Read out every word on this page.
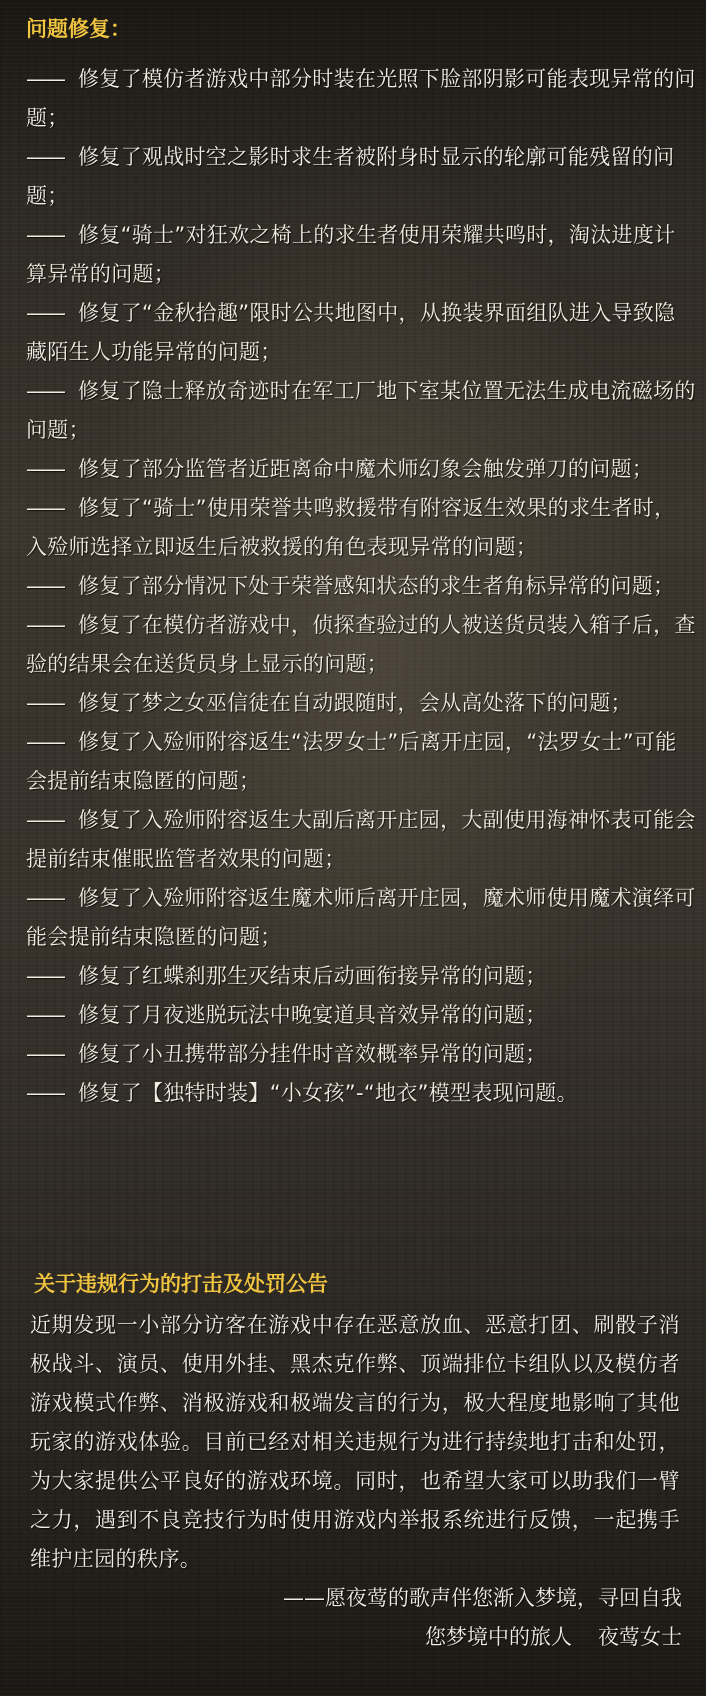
问题修复：
—— 修复了模仿者游戏中部分时装在光照下脸部阴影可能表现异常的问题；
—— 修复了观战时空之影时求生者被附身时显示的轮廓可能残留的问题；
—— 修复“骑士”对狂欢之椅上的求生者使用荣耀共鸣时，淘汰进度计算异常的问题；
—— 修复了“金秋拾趣”限时公共地图中，从换装界面组队进入导致隐藏陌生人功能异常的问题；
—— 修复了隐士释放奇迹时在军工厂地下室某位置无法生成电流磁场的问题；
—— 修复了部分监管者近距离命中魔术师幻象会触发弹刀的问题；
—— 修复了“骑士”使用荣誉共鸣救援带有附容返生效果的求生者时，入殓师选择立即返生后被救援的角色表现异常的问题；
—— 修复了部分情况下处于荣誉感知状态的求生者角标异常的问题；
—— 修复了在模仿者游戏中，侦探查验过的人被送货员装入箱子后，查验的结果会在送货员身上显示的问题；
—— 修复了梦之女巫信徒在自动跟随时，会从高处落下的问题；
—— 修复了入殓师附容返生“法罗女士”后离开庄园，“法罗女士”可能会提前结束隐匿的问题；
—— 修复了入殓师附容返生大副后离开庄园，大副使用海神怀表可能会提前结束催眠监管者效果的问题；
—— 修复了入殓师附容返生魔术师后离开庄园，魔术师使用魔术演绎可能会提前结束隐匿的问题；
—— 修复了红蝶刹那生灭结束后动画衔接异常的问题；
—— 修复了月夜逃脱玩法中晚宴道具音效异常的问题；
—— 修复了小丑携带部分挂件时音效概率异常的问题；
—— 修复了【独特时装】“小女孩”-“地衣”模型表现问题。
关于违规行为的打击及处罚公告

近期发现一小部分访客在游戏中存在恶意放血、恶意打团、刷骰子消极战斗、演员、使用外挂、黑杰克作弊、顶端排位卡组队以及模仿者游戏模式作弊、消极游戏和极端发言的行为，极大程度地影响了其他玩家的游戏体验。目前已经对相关违规行为进行持续地打击和处罚，为大家提供公平良好的游戏环境。同时，也希望大家可以助我们一臂之力，遇到不良竞技行为时使用游戏内举报系统进行反馈，一起携手维护庄园的秩序。

——愿夜莺的歌声伴您渐入梦境，寻回自我
您梦境中的旅人 夜莺女士
